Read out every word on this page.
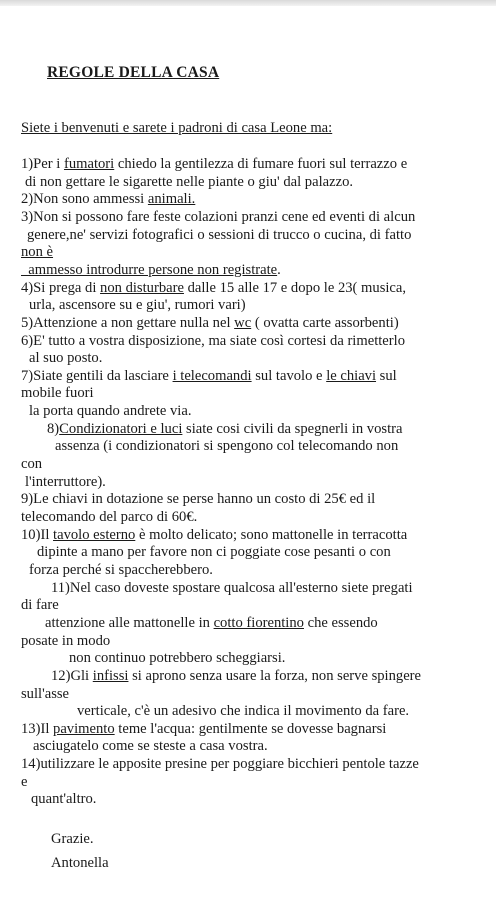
REGOLE DELLA CASA
Siete i benvenuti e sarete i padroni di casa Leone ma:
1)Per i fumatori chiedo la gentilezza di fumare fuori sul terrazzo e
di non gettare le sigarette nelle piante o giu' dal palazzo.
2)Non sono ammessi animali.
3)Non si possono fare feste colazioni pranzi cene ed eventi di alcun
genere,ne' servizi fotografici o sessioni di trucco o cucina, di fatto
non è
ammesso introdurre persone non registrate.
4)Si prega di non disturbare dalle 15 alle 17 e dopo le 23( musica,
urla, ascensore su e giu', rumori vari)
5)Attenzione a non gettare nulla nel wc ( ovatta carte assorbenti)
6)E' tutto a vostra disposizione, ma siate così cortesi da rimetterlo
al suo posto.
7)Siate gentili da lasciare i telecomandi sul tavolo e le chiavi sul
mobile fuori
la porta quando andrete via.
8)Condizionatori e luci siate cosi civili da spegnerli in vostra
assenza (i condizionatori si spengono col telecomando non
con
l'interruttore).
9)Le chiavi in dotazione se perse hanno un costo di 25€ ed il
telecomando del parco di 60€.
10)Il tavolo esterno è molto delicato; sono mattonelle in terracotta
dipinte a mano per favore non ci poggiate cose pesanti o con
forza perché si spaccherebbero.
11)Nel caso doveste spostare qualcosa all'esterno siete pregati
di fare
attenzione alle mattonelle in cotto fiorentino che essendo
posate in modo
non continuo potrebbero scheggiarsi.
12)Gli infissi si aprono senza usare la forza, non serve spingere
sull'asse
verticale, c'è un adesivo che indica il movimento da fare.
13)Il pavimento teme l'acqua: gentilmente se dovesse bagnarsi
asciugatelo come se steste a casa vostra.
14)utilizzare le apposite presine per poggiare bicchieri pentole tazze
e
quant'altro.
Grazie.
Antonella
